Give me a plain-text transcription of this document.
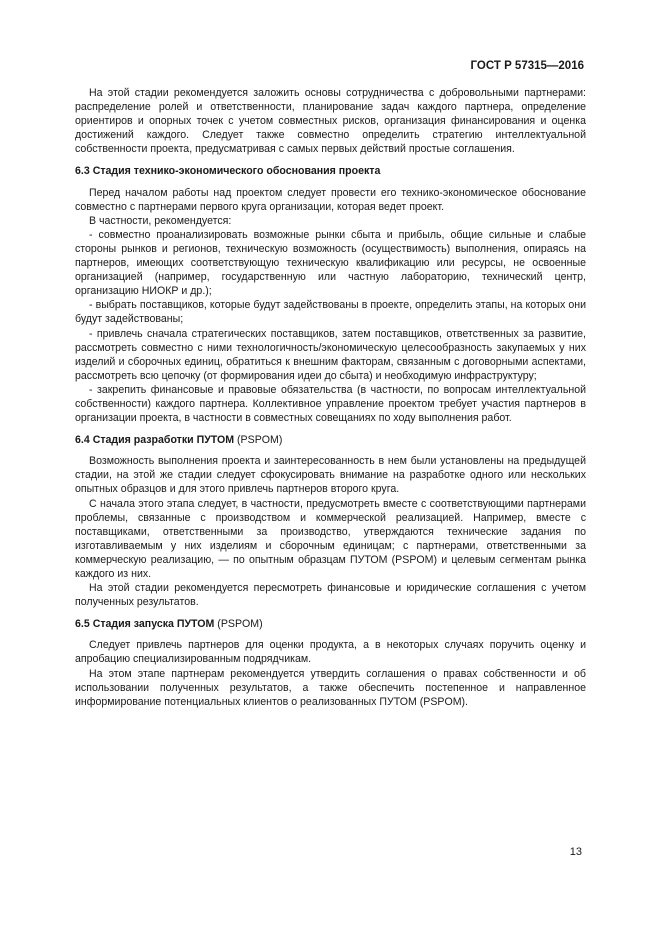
ГОСТ Р 57315—2016

На этой стадии рекомендуется заложить основы сотрудничества с добровольными партнерами: распределение ролей и ответственности, планирование задач каждого партнера, определение ориентиров и опорных точек с учетом совместных рисков, организация финансирования и оценка достижений каждого. Следует также совместно определить стратегию интеллектуальной собственности проекта, предусматривая с самых первых действий простые соглашения.

6.3 Стадия технико-экономического обоснования проекта

Перед началом работы над проектом следует провести его технико-экономическое обоснование совместно с партнерами первого круга организации, которая ведет проект.

В частности, рекомендуется:

- совместно проанализировать возможные рынки сбыта и прибыль, общие сильные и слабые стороны рынков и регионов, техническую возможность (осуществимость) выполнения, опираясь на партнеров, имеющих соответствующую техническую квалификацию или ресурсы, не освоенные организацией (например, государственную или частную лабораторию, технический центр, организацию НИОКР и др.);

- выбрать поставщиков, которые будут задействованы в проекте, определить этапы, на которых они будут задействованы;

- привлечь сначала стратегических поставщиков, затем поставщиков, ответственных за развитие, рассмотреть совместно с ними технологичность/экономическую целесообразность закупаемых у них изделий и сборочных единиц, обратиться к внешним факторам, связанным с договорными аспектами, рассмотреть всю цепочку (от формирования идеи до сбыта) и необходимую инфраструктуру;

- закрепить финансовые и правовые обязательства (в частности, по вопросам интеллектуальной собственности) каждого партнера. Коллективное управление проектом требует участия партнеров в организации проекта, в частности в совместных совещаниях по ходу выполнения работ.

6.4 Стадия разработки ПУТОМ (PSPOM)

Возможность выполнения проекта и заинтересованность в нем были установлены на предыдущей стадии, на этой же стадии следует сфокусировать внимание на разработке одного или нескольких опытных образцов и для этого привлечь партнеров второго круга.

С начала этого этапа следует, в частности, предусмотреть вместе с соответствующими партнерами проблемы, связанные с производством и коммерческой реализацией. Например, вместе с поставщиками, ответственными за производство, утверждаются технические задания по изготавливаемым у них изделиям и сборочным единицам; с партнерами, ответственными за коммерческую реализацию, — по опытным образцам ПУТОМ (PSPOM) и целевым сегментам рынка каждого из них.

На этой стадии рекомендуется пересмотреть финансовые и юридические соглашения с учетом полученных результатов.

6.5 Стадия запуска ПУТОМ (PSPOM)

Следует привлечь партнеров для оценки продукта, а в некоторых случаях поручить оценку и апробацию специализированным подрядчикам.

На этом этапе партнерам рекомендуется утвердить соглашения о правах собственности и об использовании полученных результатов, а также обеспечить постепенное и направленное информирование потенциальных клиентов о реализованных ПУТОМ (PSPOM).

13
